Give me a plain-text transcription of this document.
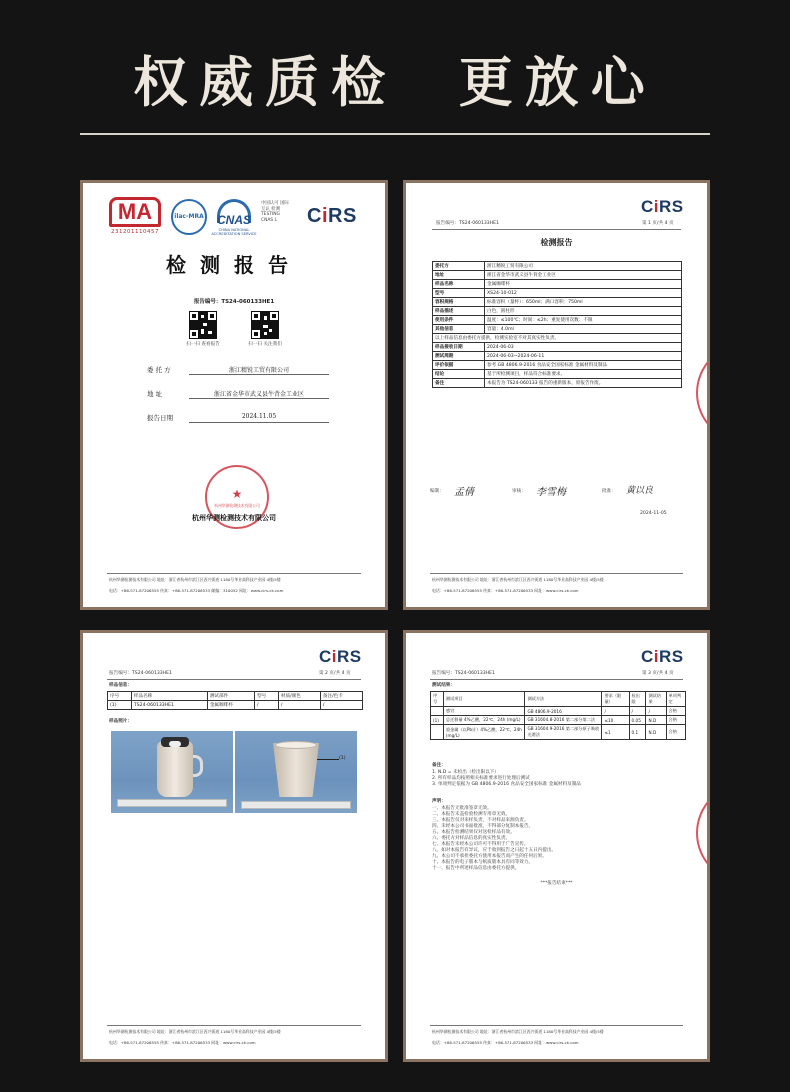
权威质检  更放心
MA
231201110457
ilac-MRA	CNAS
CHINA NATIONAL ACCREDITATION SERVICE
中国认可 国际互认 检测 TESTING CNAS L	CiRS
检测报告
报告编号：TS24-060133HE1
扫一扫 查看报告	扫一扫 关注我们
委 托 方	浙江精锐工贸有限公司
地 址	浙江省金华市武义县牛背金工业区
报告日期	2024.11.05
★
杭州华测检测技术有限公司
杭州华测检测技术有限公司
杭州华测检测技术有限公司 地址：浙江省杭州市滨江区西兴街道 1180号华业高科技产业园 4楼/5楼
电话：+86-571-87206555 传真：+86-571-87206533 邮编：310052 网址：www.cirs-ck.com
CiRS
报告编号：TS24-060133HE1	第 1 页/共 4 页
检测报告
委托方	浙江精锐工贸有限公司
地址	浙江省金华市武义县牛背金工业区
样品名称	金属咖啡杯
型号	XS24-10-012
容积规格	标准容积（量杯）：650ml；满口容积：750ml
样品描述	白色，圆柱形
使用条件	温度：≤100℃；时间：≤2h；重复使用次数：不限
其他信息	容量：4.0ml
以上样品信息由委托方提供，检测实验室不对其真实性负责。	
样品接收日期	2024-06-03
测试周期	2024-06-03~2024-06-11
评价依据	参考 GB 4806.9-2016 食品安全国家标准 金属材料及制品
结论	基于所检测项目，样品符合标准要求。
备注	本报告为 TS24-060133 报告的重新版本，原报告作废。
编制： 孟倩	审核： 李雪梅	批准： 黄以良
2024-11-05
杭州华测检测技术有限公司 地址：浙江省杭州市滨江区西兴街道 1180号华业高科技产业园 4楼/5楼
电话：+86-571-87206555 传真：+86-571-87206533 网址：www.cirs-ck.com
CiRS
报告编号：TS24-060133HE1	第 2 页/共 4 页
样品信息：
序号	样品名称	测试部件	型号	材质/颜色	备注/色卡
(1)	TS24-060133HE1	金属咖啡杯	/	/	/
样品照片：
(1)
杭州华测检测技术有限公司 地址：浙江省杭州市滨江区西兴街道 1180号华业高科技产业园 4楼/5楼
电话：+86-571-87206555 传真：+86-571-87206533 网址：www.cirs-ck.com
CiRS
报告编号：TS24-060133HE1	第 3 页/共 4 页
测试结果：
序号	测试项目	测试方法	要求（限量）	检出限	测试结果	单项判定
	感官	GB 4806.9-2016	/	/	/	合格
(1)	总迁移量 4%乙酸，22℃，24h (mg/L)	GB 31604.8-2016 第二部分第二法	≤10	0.05	N.D	合格
	重金属（以Pb计）4%乙酸，22℃，24h (mg/L)	GB 31604.9-2016 第二部分原子吸收光谱法	≤1	0.1	N.D	合格
备注：
1. N.D = 未检出（检出限以下）
2. 所有样品均按照相关标准要求进行处理后测试
3. 单项判定依据为 GB 4806.9-2016 食品安全国家标准 金属材料及制品
声明：
一、本报告无批准签章无效。
二、本报告未盖检验检测专用章无效。
三、本报告仅对来样负责，不对样品来源负责。
四、未经本公司书面批准，不得部分复制本报告。
五、本报告检测结果仅对送检样品有效。
六、委托方对样品信息的真实性负责。
七、本报告未经本公司许可不得用于广告宣传。
八、如对本报告有异议，应于收到报告之日起十五日内提出。
九、本公司不承担委托方使用本报告而产生的任何后果。
十、本报告的电子版本与纸质版本具有同等效力。
十一、报告中所述样品信息由委托方提供。
***报告结束***
杭州华测检测技术有限公司 地址：浙江省杭州市滨江区西兴街道 1180号华业高科技产业园 4楼/5楼
电话：+86-571-87206555 传真：+86-571-87206533 网址：www.cirs-ck.com
